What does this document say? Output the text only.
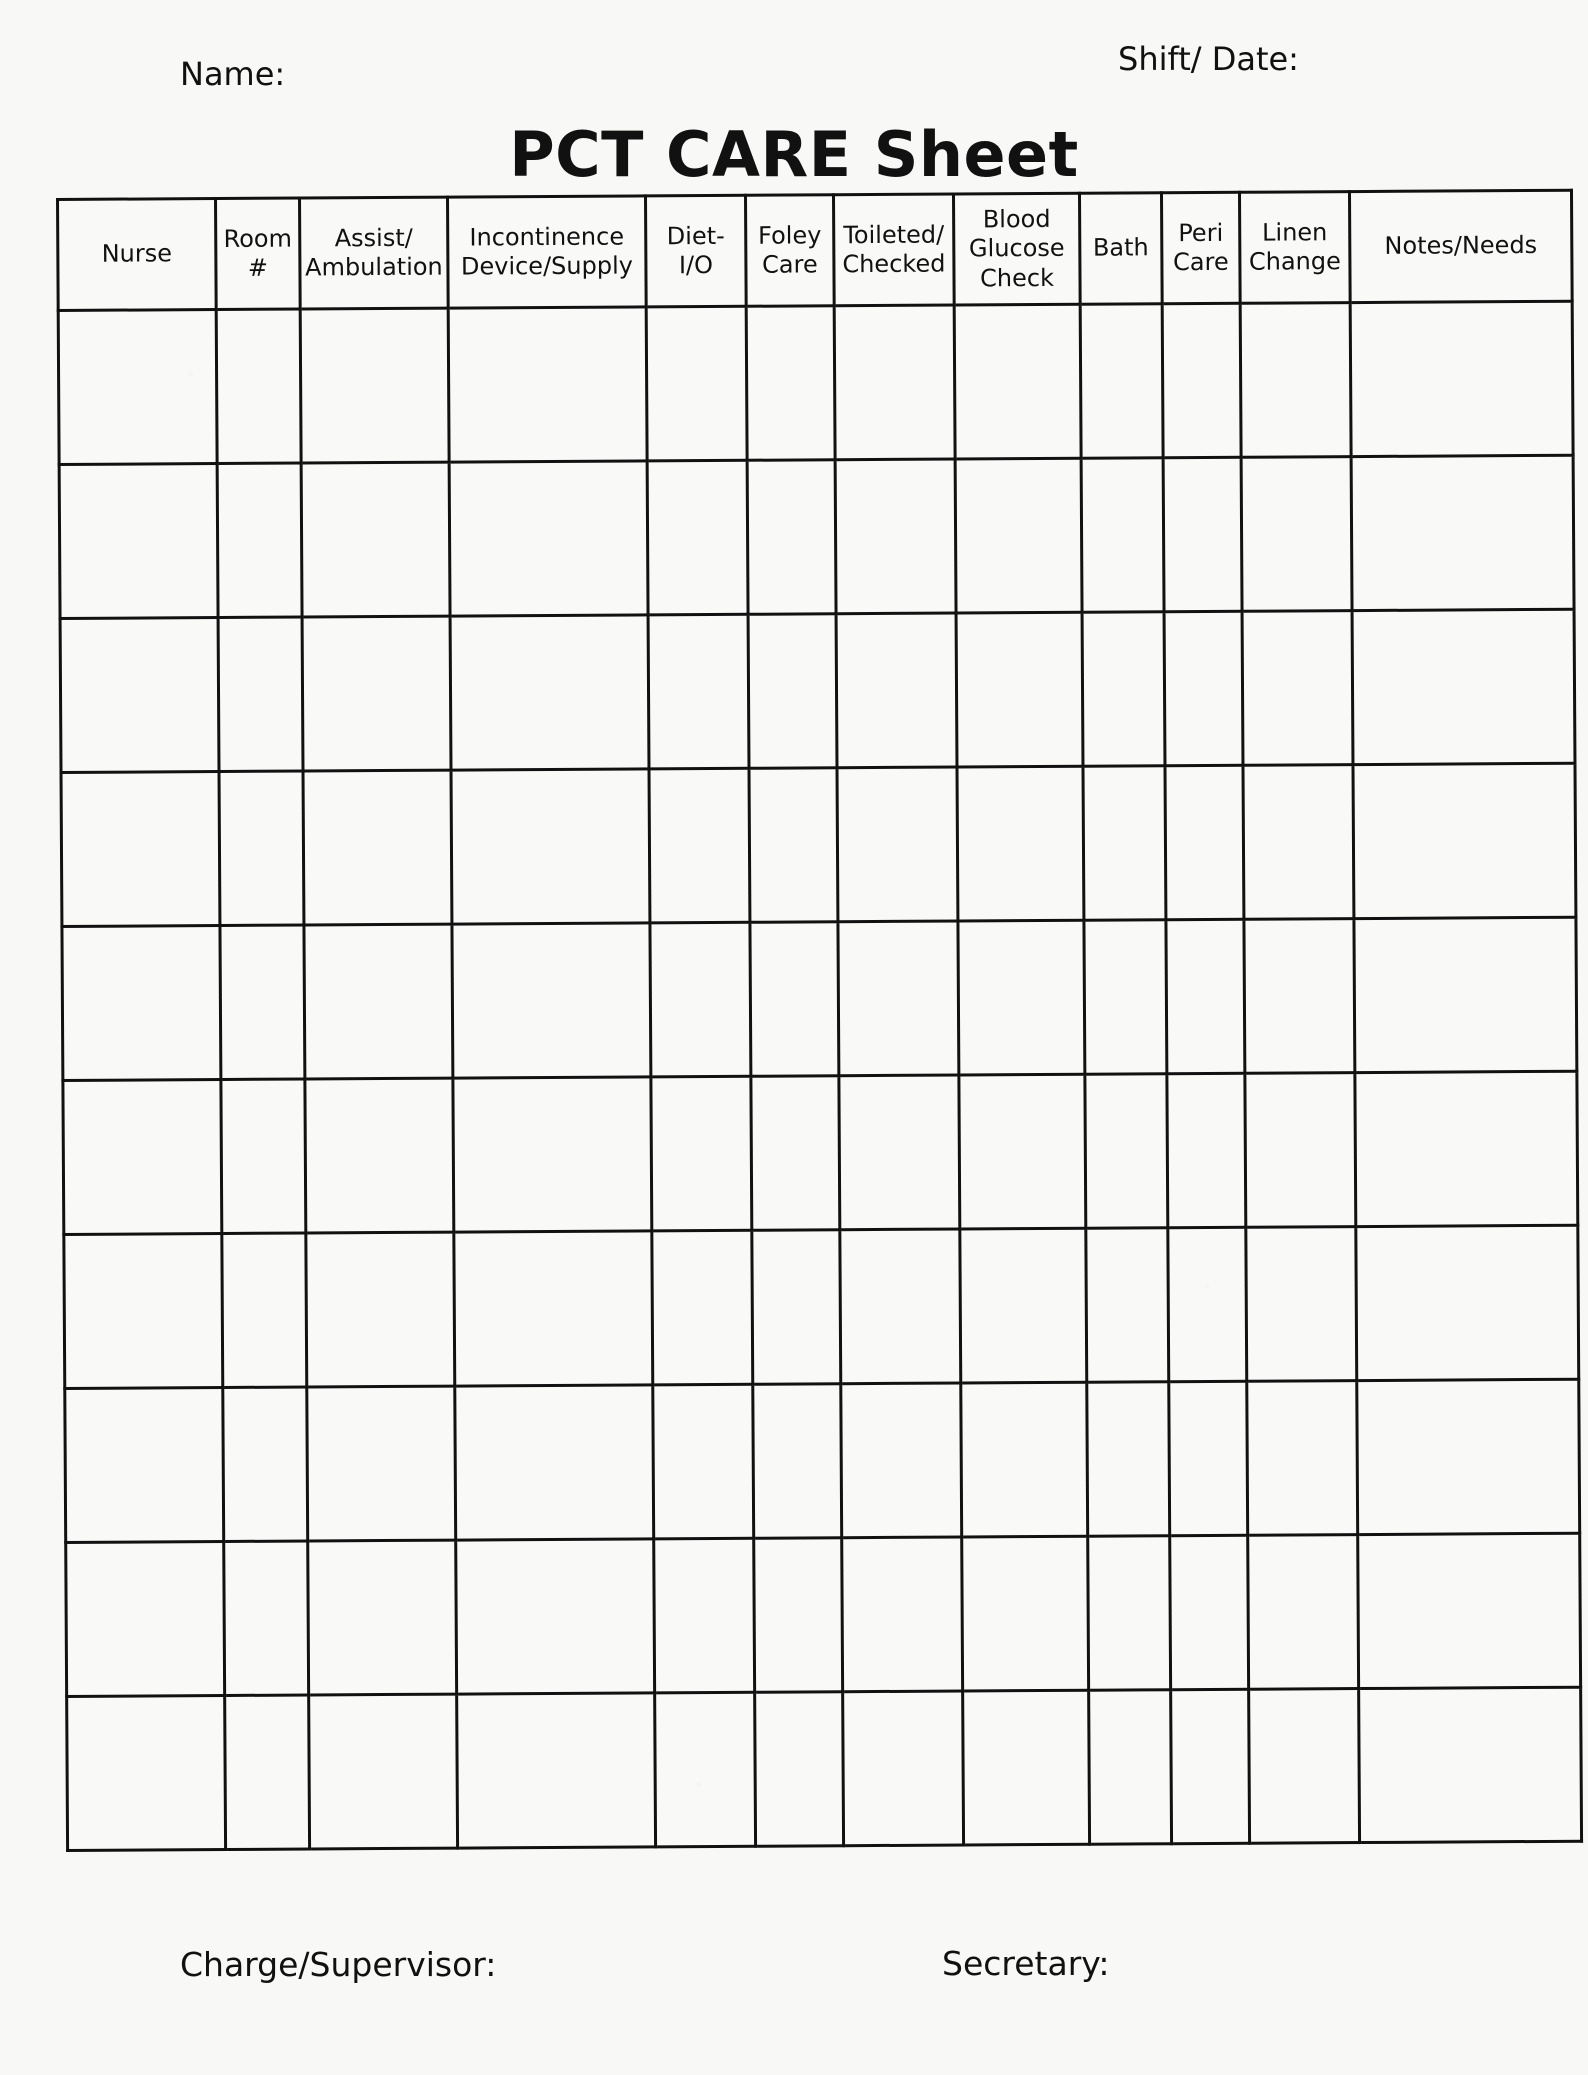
Name:	Shift/ Date:
PCT CARE Sheet
Nurse	Room #	Assist/ Ambulation	Incontinence Device/Supply	Diet- I/O	Foley Care	Toileted/ Checked	Blood Glucose Check	Bath	Peri Care	Linen Change	Notes/Needs

Charge/Supervisor:	Secretary:
